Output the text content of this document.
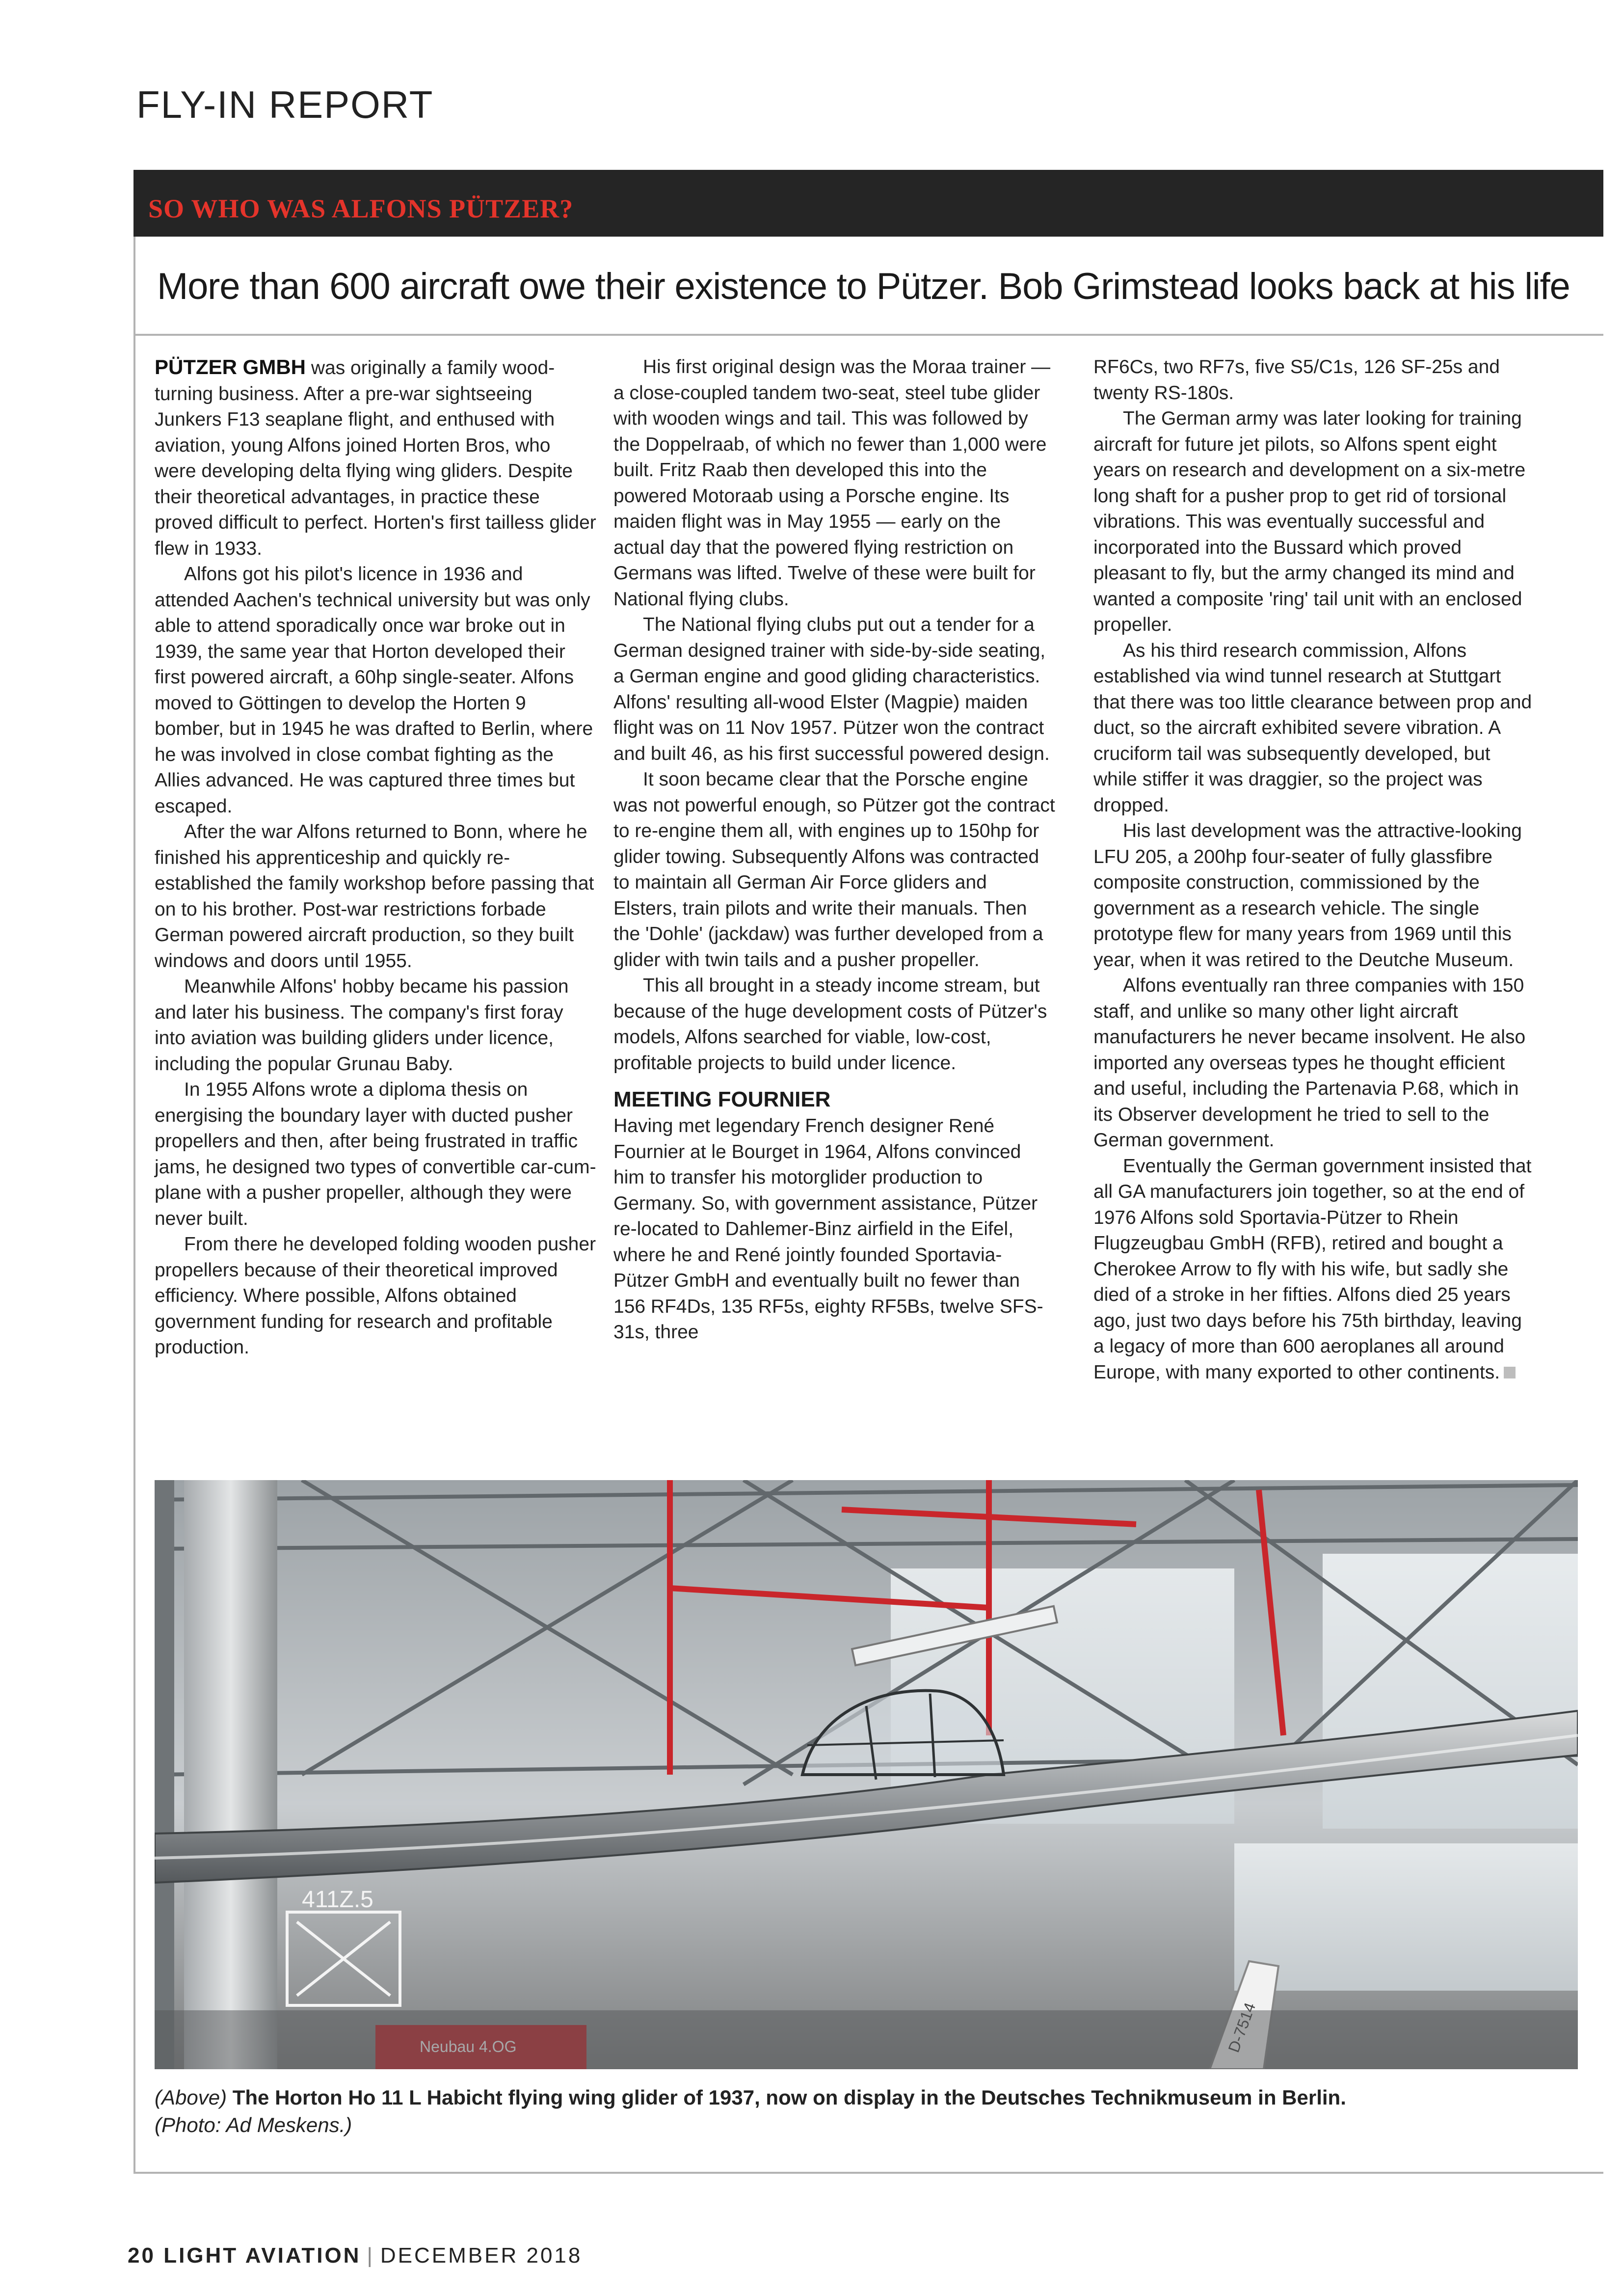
FLY-IN REPORT
SO WHO WAS ALFONS PÜTZER?
More than 600 aircraft owe their existence to Pützer. Bob Grimstead looks back at his life

PÜTZER GMBH was originally a family wood-turning business. After a pre-war sightseeing Junkers F13 seaplane flight, and enthused with aviation, young Alfons joined Horten Bros, who were developing delta flying wing gliders. Despite their theoretical advantages, in practice these proved difficult to perfect. Horten's first tailless glider flew in 1933.

Alfons got his pilot's licence in 1936 and attended Aachen's technical university but was only able to attend sporadically once war broke out in 1939, the same year that Horton developed their first powered aircraft, a 60hp single-seater. Alfons moved to Göttingen to develop the Horten 9 bomber, but in 1945 he was drafted to Berlin, where he was involved in close combat fighting as the Allies advanced. He was captured three times but escaped.

After the war Alfons returned to Bonn, where he finished his apprenticeship and quickly re-established the family workshop before passing that on to his brother. Post-war restrictions forbade German powered aircraft production, so they built windows and doors until 1955.

Meanwhile Alfons' hobby became his passion and later his business. The company's first foray into aviation was building gliders under licence, including the popular Grunau Baby.

In 1955 Alfons wrote a diploma thesis on energising the boundary layer with ducted pusher propellers and then, after being frustrated in traffic jams, he designed two types of convertible car-cum-plane with a pusher propeller, although they were never built.

From there he developed folding wooden pusher propellers because of their theoretical improved efficiency. Where possible, Alfons obtained government funding for research and profitable production.

His first original design was the Moraa trainer — a close-coupled tandem two-seat, steel tube glider with wooden wings and tail. This was followed by the Doppelraab, of which no fewer than 1,000 were built. Fritz Raab then developed this into the powered Motoraab using a Porsche engine. Its maiden flight was in May 1955 — early on the actual day that the powered flying restriction on Germans was lifted. Twelve of these were built for National flying clubs.

The National flying clubs put out a tender for a German designed trainer with side-by-side seating, a German engine and good gliding characteristics. Alfons' resulting all-wood Elster (Magpie) maiden flight was on 11 Nov 1957. Pützer won the contract and built 46, as his first successful powered design.

It soon became clear that the Porsche engine was not powerful enough, so Pützer got the contract to re-engine them all, with engines up to 150hp for glider towing. Subsequently Alfons was contracted to maintain all German Air Force gliders and Elsters, train pilots and write their manuals. Then the 'Dohle' (jackdaw) was further developed from a glider with twin tails and a pusher propeller.

This all brought in a steady income stream, but because of the huge development costs of Pützer's models, Alfons searched for viable, low-cost, profitable projects to build under licence.

MEETING FOURNIER

Having met legendary French designer René Fournier at le Bourget in 1964, Alfons convinced him to transfer his motorglider production to Germany. So, with government assistance, Pützer re-located to Dahlemer-Binz airfield in the Eifel, where he and René jointly founded Sportavia-Pützer GmbH and eventually built no fewer than 156 RF4Ds, 135 RF5s, eighty RF5Bs, twelve SFS-31s, three

RF6Cs, two RF7s, five S5/C1s, 126 SF-25s and twenty RS-180s.

The German army was later looking for training aircraft for future jet pilots, so Alfons spent eight years on research and development on a six-metre long shaft for a pusher prop to get rid of torsional vibrations. This was eventually successful and incorporated into the Bussard which proved pleasant to fly, but the army changed its mind and wanted a composite 'ring' tail unit with an enclosed propeller.

As his third research commission, Alfons established via wind tunnel research at Stuttgart that there was too little clearance between prop and duct, so the aircraft exhibited severe vibration. A cruciform tail was subsequently developed, but while stiffer it was draggier, so the project was dropped.

His last development was the attractive-looking LFU 205, a 200hp four-seater of fully glassfibre composite construction, commissioned by the government as a research vehicle. The single prototype flew for many years from 1969 until this year, when it was retired to the Deutche Museum.

Alfons eventually ran three companies with 150 staff, and unlike so many other light aircraft manufacturers he never became insolvent. He also imported any overseas types he thought efficient and useful, including the Partenavia P.68, which in its Observer development he tried to sell to the German government.

Eventually the German government insisted that all GA manufacturers join together, so at the end of 1976 Alfons sold Sportavia-Pützer to Rhein Flugzeugbau GmbH (RFB), retired and bought a Cherokee Arrow to fly with his wife, but sadly she died of a stroke in her fifties. Alfons died 25 years ago, just two days before his 75th birthday, leaving a legacy of more than 600 aeroplanes all around Europe, with many exported to other continents.

411Z.5
(Above) The Horton Ho 11 L Habicht flying wing glider of 1937, now on display in the Deutsches Technikmuseum in Berlin.
(Photo: Ad Meskens.)
20 LIGHT AVIATION | DECEMBER 2018
